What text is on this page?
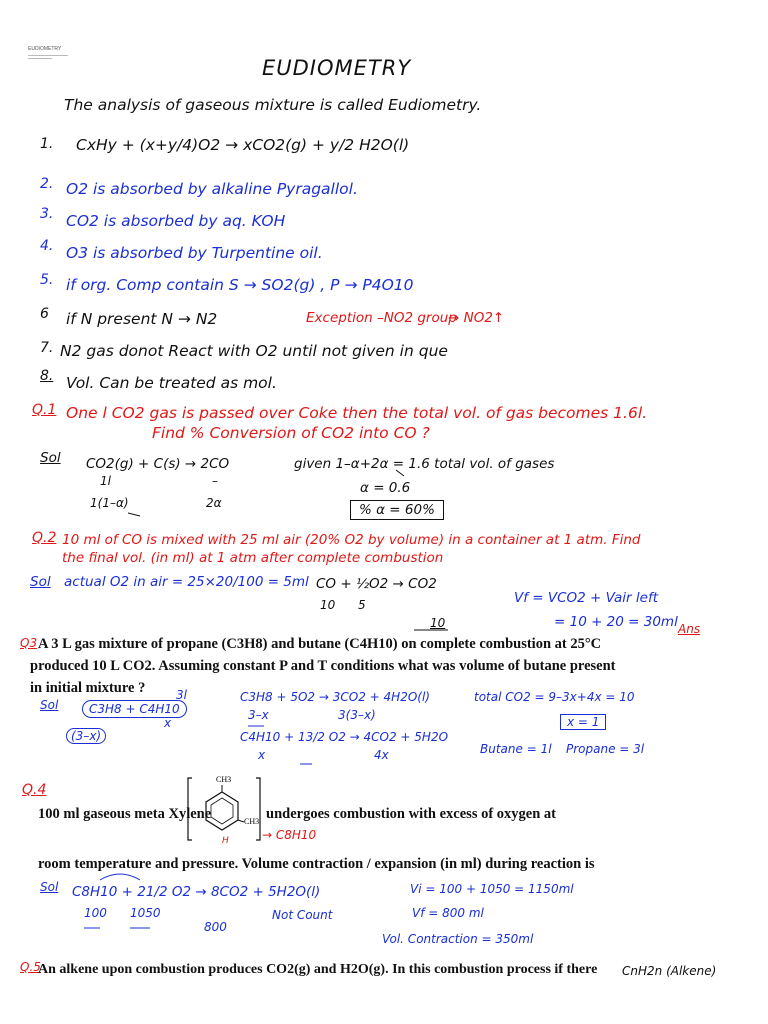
EUDIOMETRY
EUDIOMETRY
The analysis of gaseous mixture is called Eudiometry.
1. CxHy + (x+y/4)O2 → xCO2(g) + y/2 H2O(l)
2. O2 is absorbed by alkaline Pyragallol.
3. CO2 is absorbed by aq. KOH
4. O3 is absorbed by Turpentine oil.
5. if org. Comp contain S → SO2(g) , P → P4O10
6 if N present N → N2	Exception –NO2 group
→ NO2↑
7. N2 gas donot React with O2 until not given in que
8. Vol. Can be treated as mol.
Q.1 One l CO2 gas is passed over Coke then the total vol. of gas becomes 1.6l.
Find % Conversion of CO2 into CO ?
Sol CO2(g) + C(s) → 2CO
1l	–
1(1–α)	2α
given 1–α+2α = 1.6 total vol. of gases
α = 0.6
% α = 60%
Q.2 10 ml of CO is mixed with 25 ml air (20% O2 by volume) in a container at 1 atm. Find
the final vol. (in ml) at 1 atm after complete combustion
Sol actual O2 in air = 25×20/100 = 5ml CO + ½O2 → CO2
10 5
10
Vf = VCO2 + Vair left
= 10 + 20 = 30ml Ans
Q3 A 3 L gas mixture of propane (C3H8) and butane (C4H10) on complete combustion at 25°C
produced 10 L CO2. Assuming constant P and T conditions what was volume of butane present
in initial mixture ?
Sol	C3H8 + C4H10
3l
x
(3–x)
C3H8 + 5O2 → 3CO2 + 4H2O(l)
3–x	3(3–x)
C4H10 + 13/2 O2 → 4CO2 + 5H2O
x	4x
total CO2 = 9–3x+4x = 10
x = 1
Butane = 1l Propane = 3l
Q.4
100 ml gaseous meta Xylene	undergoes combustion with excess of oxygen at
CH3
CH3
H	→ C8H10
room temperature and pressure. Volume contraction / expansion (in ml) during reaction is
Sol C8H10 + 21/2 O2 → 8CO2 + 5H2O(l)
100 1050
800
Not Count
Vi = 100 + 1050 = 1150ml
Vf = 800 ml
Vol. Contraction = 350ml
Q.5
An alkene upon combustion produces CO2(g) and H2O(g). In this combustion process if there CnH2n (Alkene)
